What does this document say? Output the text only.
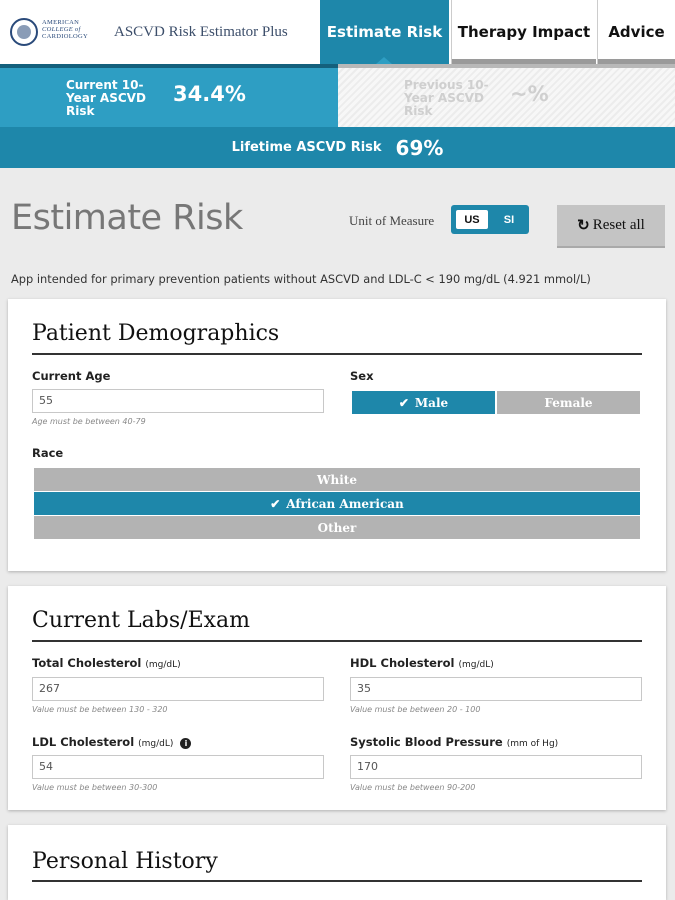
AMERICAN
COLLEGE of
CARDIOLOGY	ASCVD Risk Estimator Plus	Estimate Risk	Therapy Impact	Advice
Current 10-Year ASCVD Risk
34.4%	Previous 10-Year ASCVD Risk
~%
Lifetime ASCVD Risk 69%
Estimate Risk	Unit of Measure	US	SI	↻ Reset all
App intended for primary prevention patients without ASCVD and LDL-C < 190 mg/dL (4.921 mmol/L)
Patient Demographics
Current Age
55
Age must be between 40-79
Sex
✔ Male	Female
Race
White
✔ African American
Other
Current Labs/Exam
Total Cholesterol (mg/dL)
267
Value must be between 130 - 320
HDL Cholesterol (mg/dL)
35
Value must be between 20 - 100
LDL Cholesterol (mg/dL) i
54
Value must be between 30-300
Systolic Blood Pressure (mm of Hg)
170
Value must be between 90-200
Personal History
